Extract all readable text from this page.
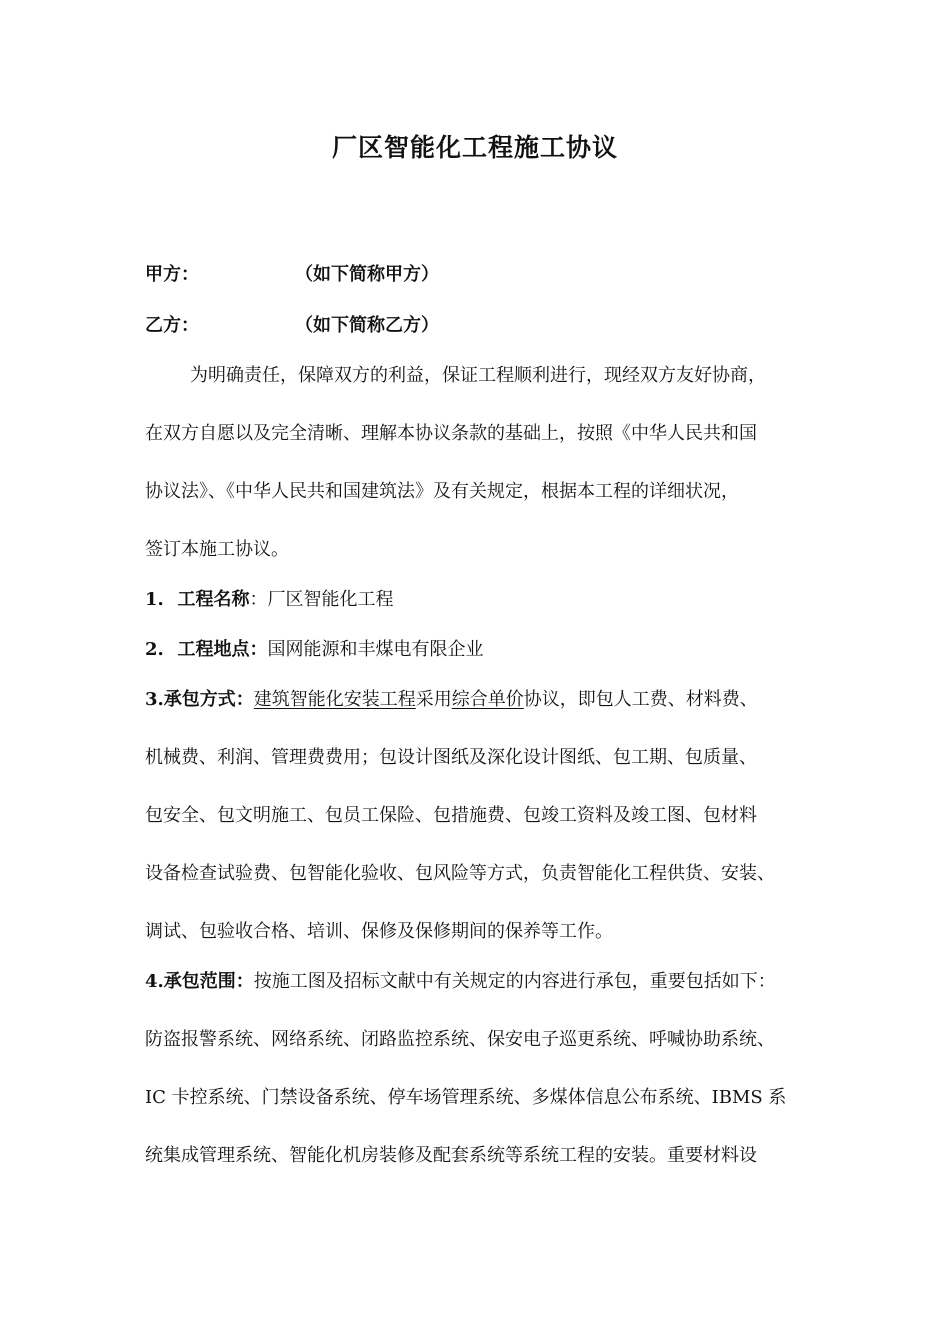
厂区智能化工程施工协议
甲方：	（如下简称甲方）
乙方：	（如下简称乙方）
为明确责任，保障双方的利益，保证工程顺利进行，现经双方友好协商，
在双方自愿以及完全清晰、理解本协议条款的基础上，按照《中华人民共和国
协议法》、《中华人民共和国建筑法》及有关规定，根据本工程的详细状况，
签订本施工协议。
1. 工程名称：厂区智能化工程
2. 工程地点：国网能源和丰煤电有限企业
3.承包方式：建筑智能化安装工程采用综合单价协议，即包人工费、材料费、
机械费、利润、管理费费用；包设计图纸及深化设计图纸、包工期、包质量、
包安全、包文明施工、包员工保险、包措施费、包竣工资料及竣工图、包材料
设备检查试验费、包智能化验收、包风险等方式，负责智能化工程供货、安装、
调试、包验收合格、培训、保修及保修期间的保养等工作。
4.承包范围：按施工图及招标文献中有关规定的内容进行承包，重要包括如下：
防盗报警系统、网络系统、闭路监控系统、保安电子巡更系统、呼喊协助系统、
IC 卡控系统、门禁设备系统、停车场管理系统、多煤体信息公布系统、IBMS 系
统集成管理系统、智能化机房装修及配套系统等系统工程的安装。重要材料设
